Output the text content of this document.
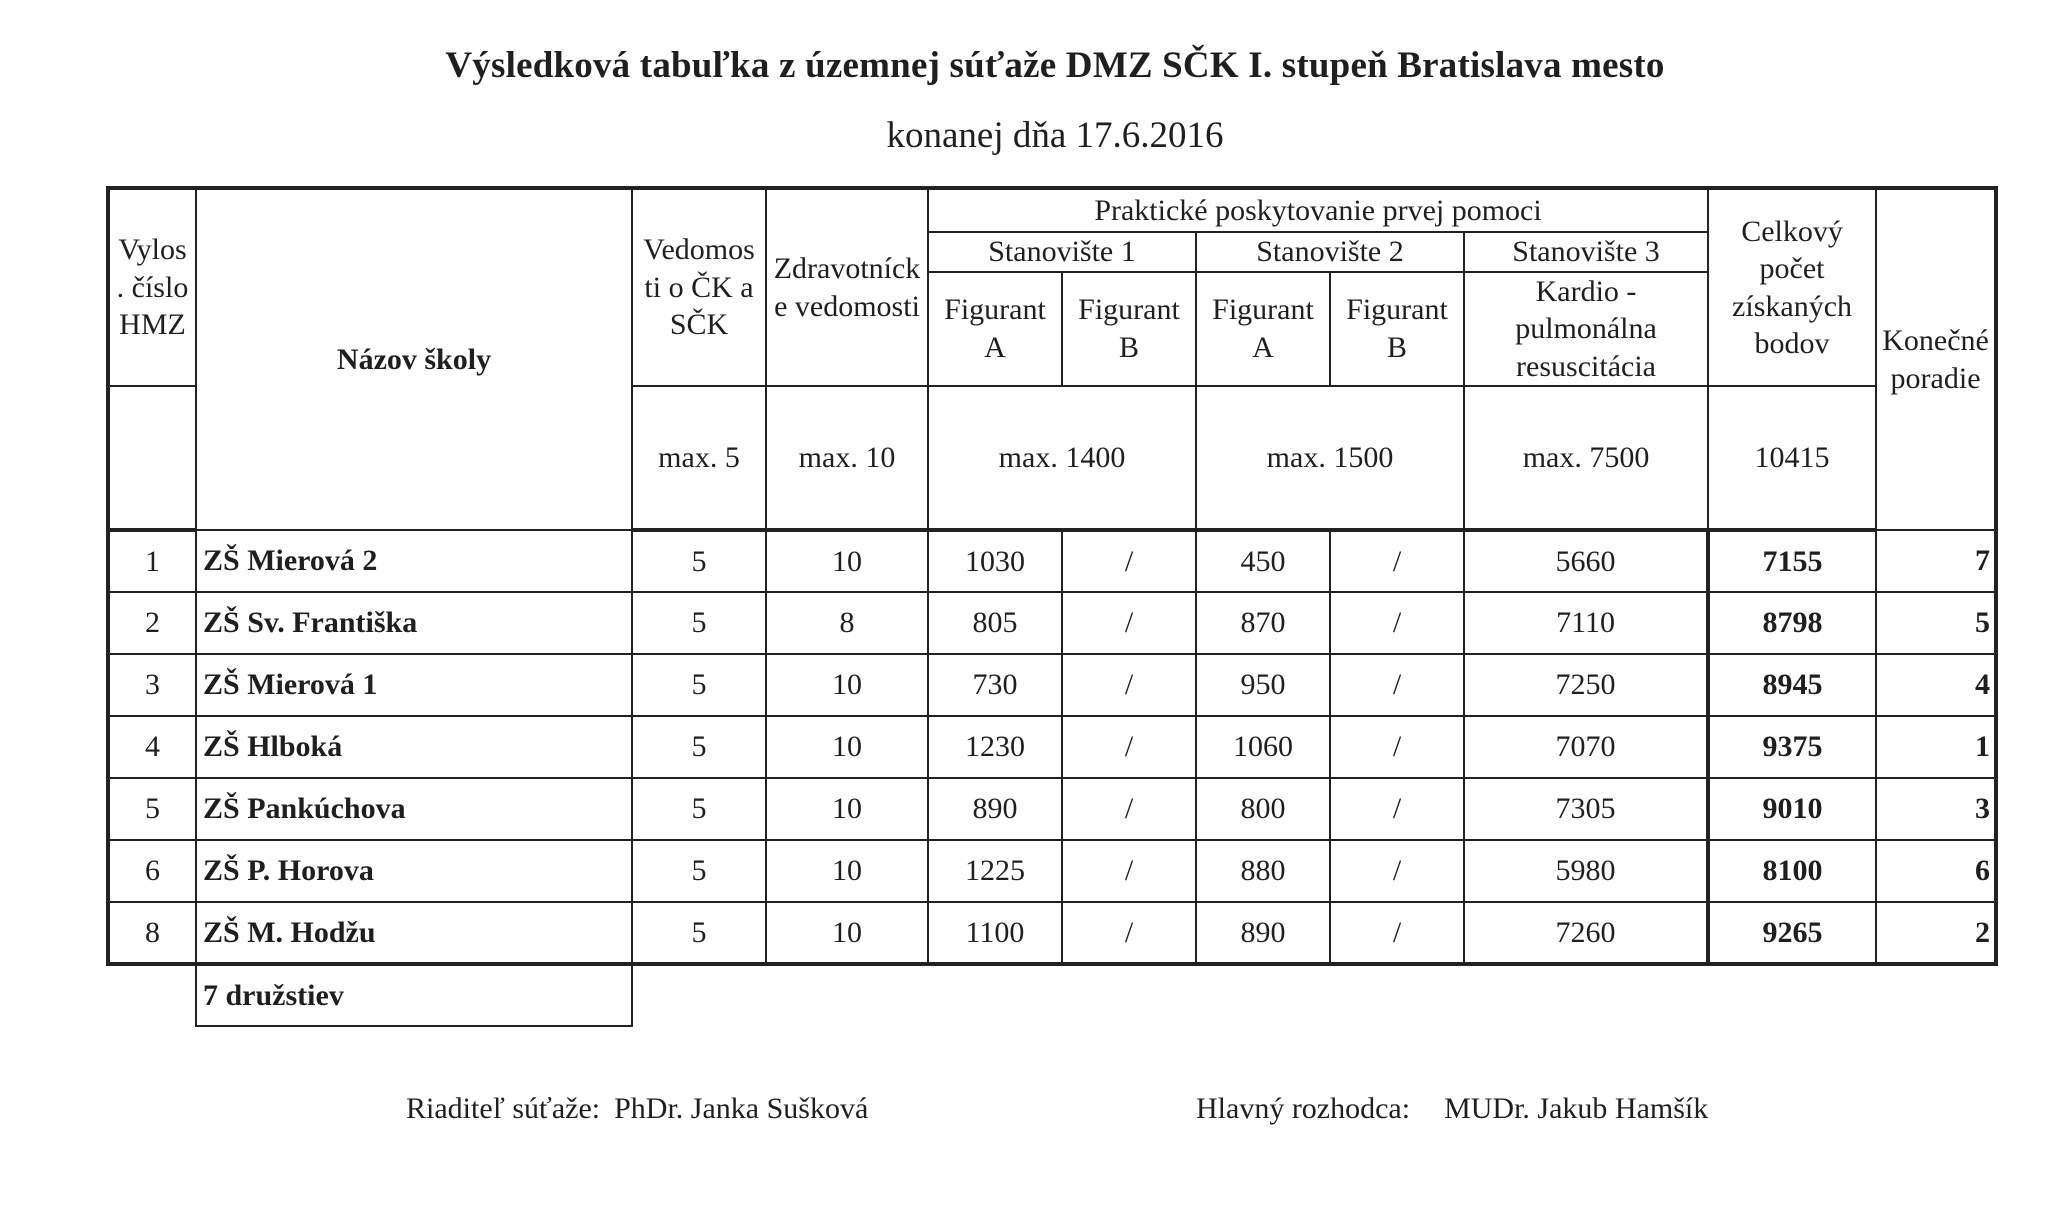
Výsledková tabuľka z územnej súťaže DMZ SČK I. stupeň Bratislava mesto
konanej dňa 17.6.2016
Vylos . číslo HMZ	Názov školy	Vedomos ti o ČK a SČK	Zdravotníck e vedomosti	Praktické poskytovanie prvej pomoci					Celkový počet získaných bodov	Konečné poradie
				Stanovište 1		Stanovište 2		Stanovište 3		
				Figurant A	Figurant B	Figurant A	Figurant B	Kardio - pulmonálna resuscitácia		
		max. 5	max. 10	max. 1400		max. 1500		max. 7500	10415	
1	ZŠ Mierová 2	5	10	1030	/	450	/	5660	7155	7
2	ZŠ Sv. Františka	5	8	805	/	870	/	7110	8798	5
3	ZŠ Mierová 1	5	10	730	/	950	/	7250	8945	4
4	ZŠ Hlboká	5	10	1230	/	1060	/	7070	9375	1
5	ZŠ Pankúchova	5	10	890	/	800	/	7305	9010	3
6	ZŠ P. Horova	5	10	1225	/	880	/	5980	8100	6
8	ZŠ M. Hodžu	5	10	1100	/	890	/	7260	9265	2
	7 družstiev									
Riaditeľ súťaže: PhDr. Janka Sušková	Hlavný rozhodca: MUDr. Jakub Hamšík
